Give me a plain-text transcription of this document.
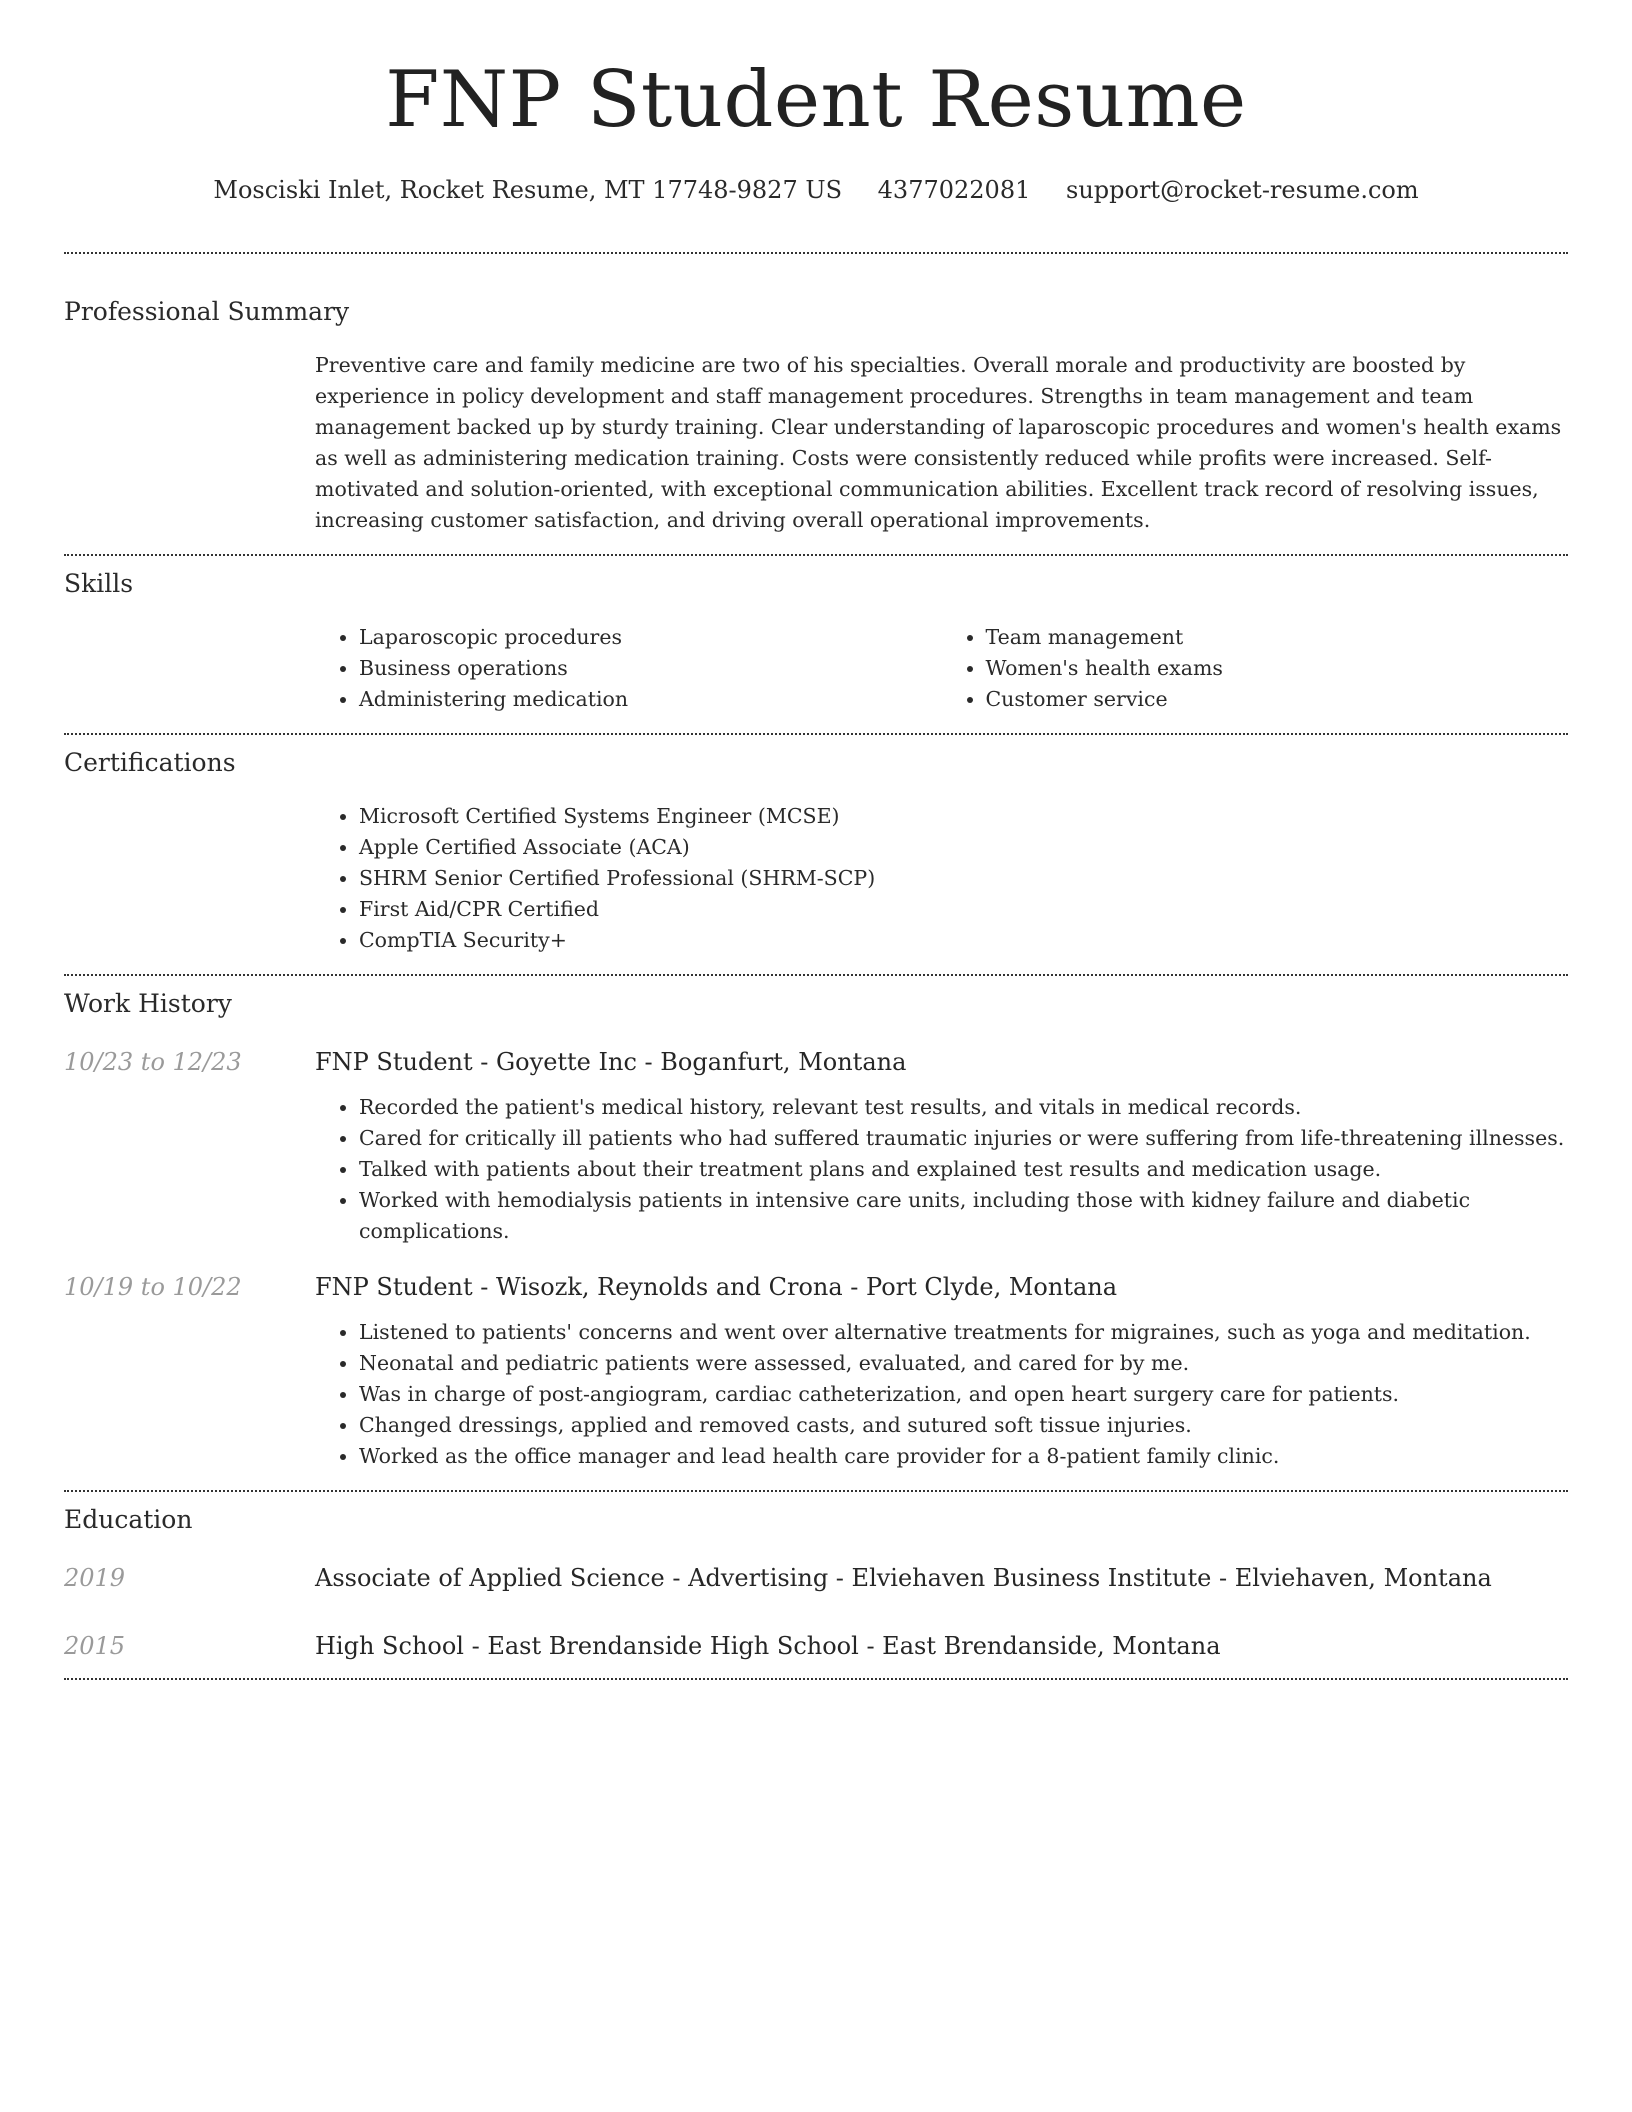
FNP Student Resume
Mosciski Inlet, Rocket Resume, MT 17748-9827 US 4377022081 support@rocket-resume.com
Professional Summary

Preventive care and family medicine are two of his specialties. Overall morale and productivity are boosted by experience in policy development and staff management procedures. Strengths in team management and team management backed up by sturdy training. Clear understanding of laparoscopic procedures and women's health exams as well as administering medication training. Costs were consistently reduced while profits were increased. Self-motivated and solution-oriented, with exceptional communication abilities. Excellent track record of resolving issues, increasing customer satisfaction, and driving overall operational improvements.

Skills
• Laparoscopic procedures
• Business operations
• Administering medication
• Team management
• Women's health exams
• Customer service
Certifications
• Microsoft Certified Systems Engineer (MCSE)
• Apple Certified Associate (ACA)
• SHRM Senior Certified Professional (SHRM-SCP)
• First Aid/CPR Certified
• CompTIA Security+
Work History
10/23 to 12/23	FNP Student - Goyette Inc - Boganfurt, Montana
• Recorded the patient's medical history, relevant test results, and vitals in medical records.
• Cared for critically ill patients who had suffered traumatic injuries or were suffering from life-threatening illnesses.
• Talked with patients about their treatment plans and explained test results and medication usage.
• Worked with hemodialysis patients in intensive care units, including those with kidney failure and diabetic complications.
10/19 to 10/22	FNP Student - Wisozk, Reynolds and Crona - Port Clyde, Montana
• Listened to patients' concerns and went over alternative treatments for migraines, such as yoga and meditation.
• Neonatal and pediatric patients were assessed, evaluated, and cared for by me.
• Was in charge of post-angiogram, cardiac catheterization, and open heart surgery care for patients.
• Changed dressings, applied and removed casts, and sutured soft tissue injuries.
• Worked as the office manager and lead health care provider for a 8-patient family clinic.
Education
2019	Associate of Applied Science - Advertising - Elviehaven Business Institute - Elviehaven, Montana
2015	High School - East Brendanside High School - East Brendanside, Montana
